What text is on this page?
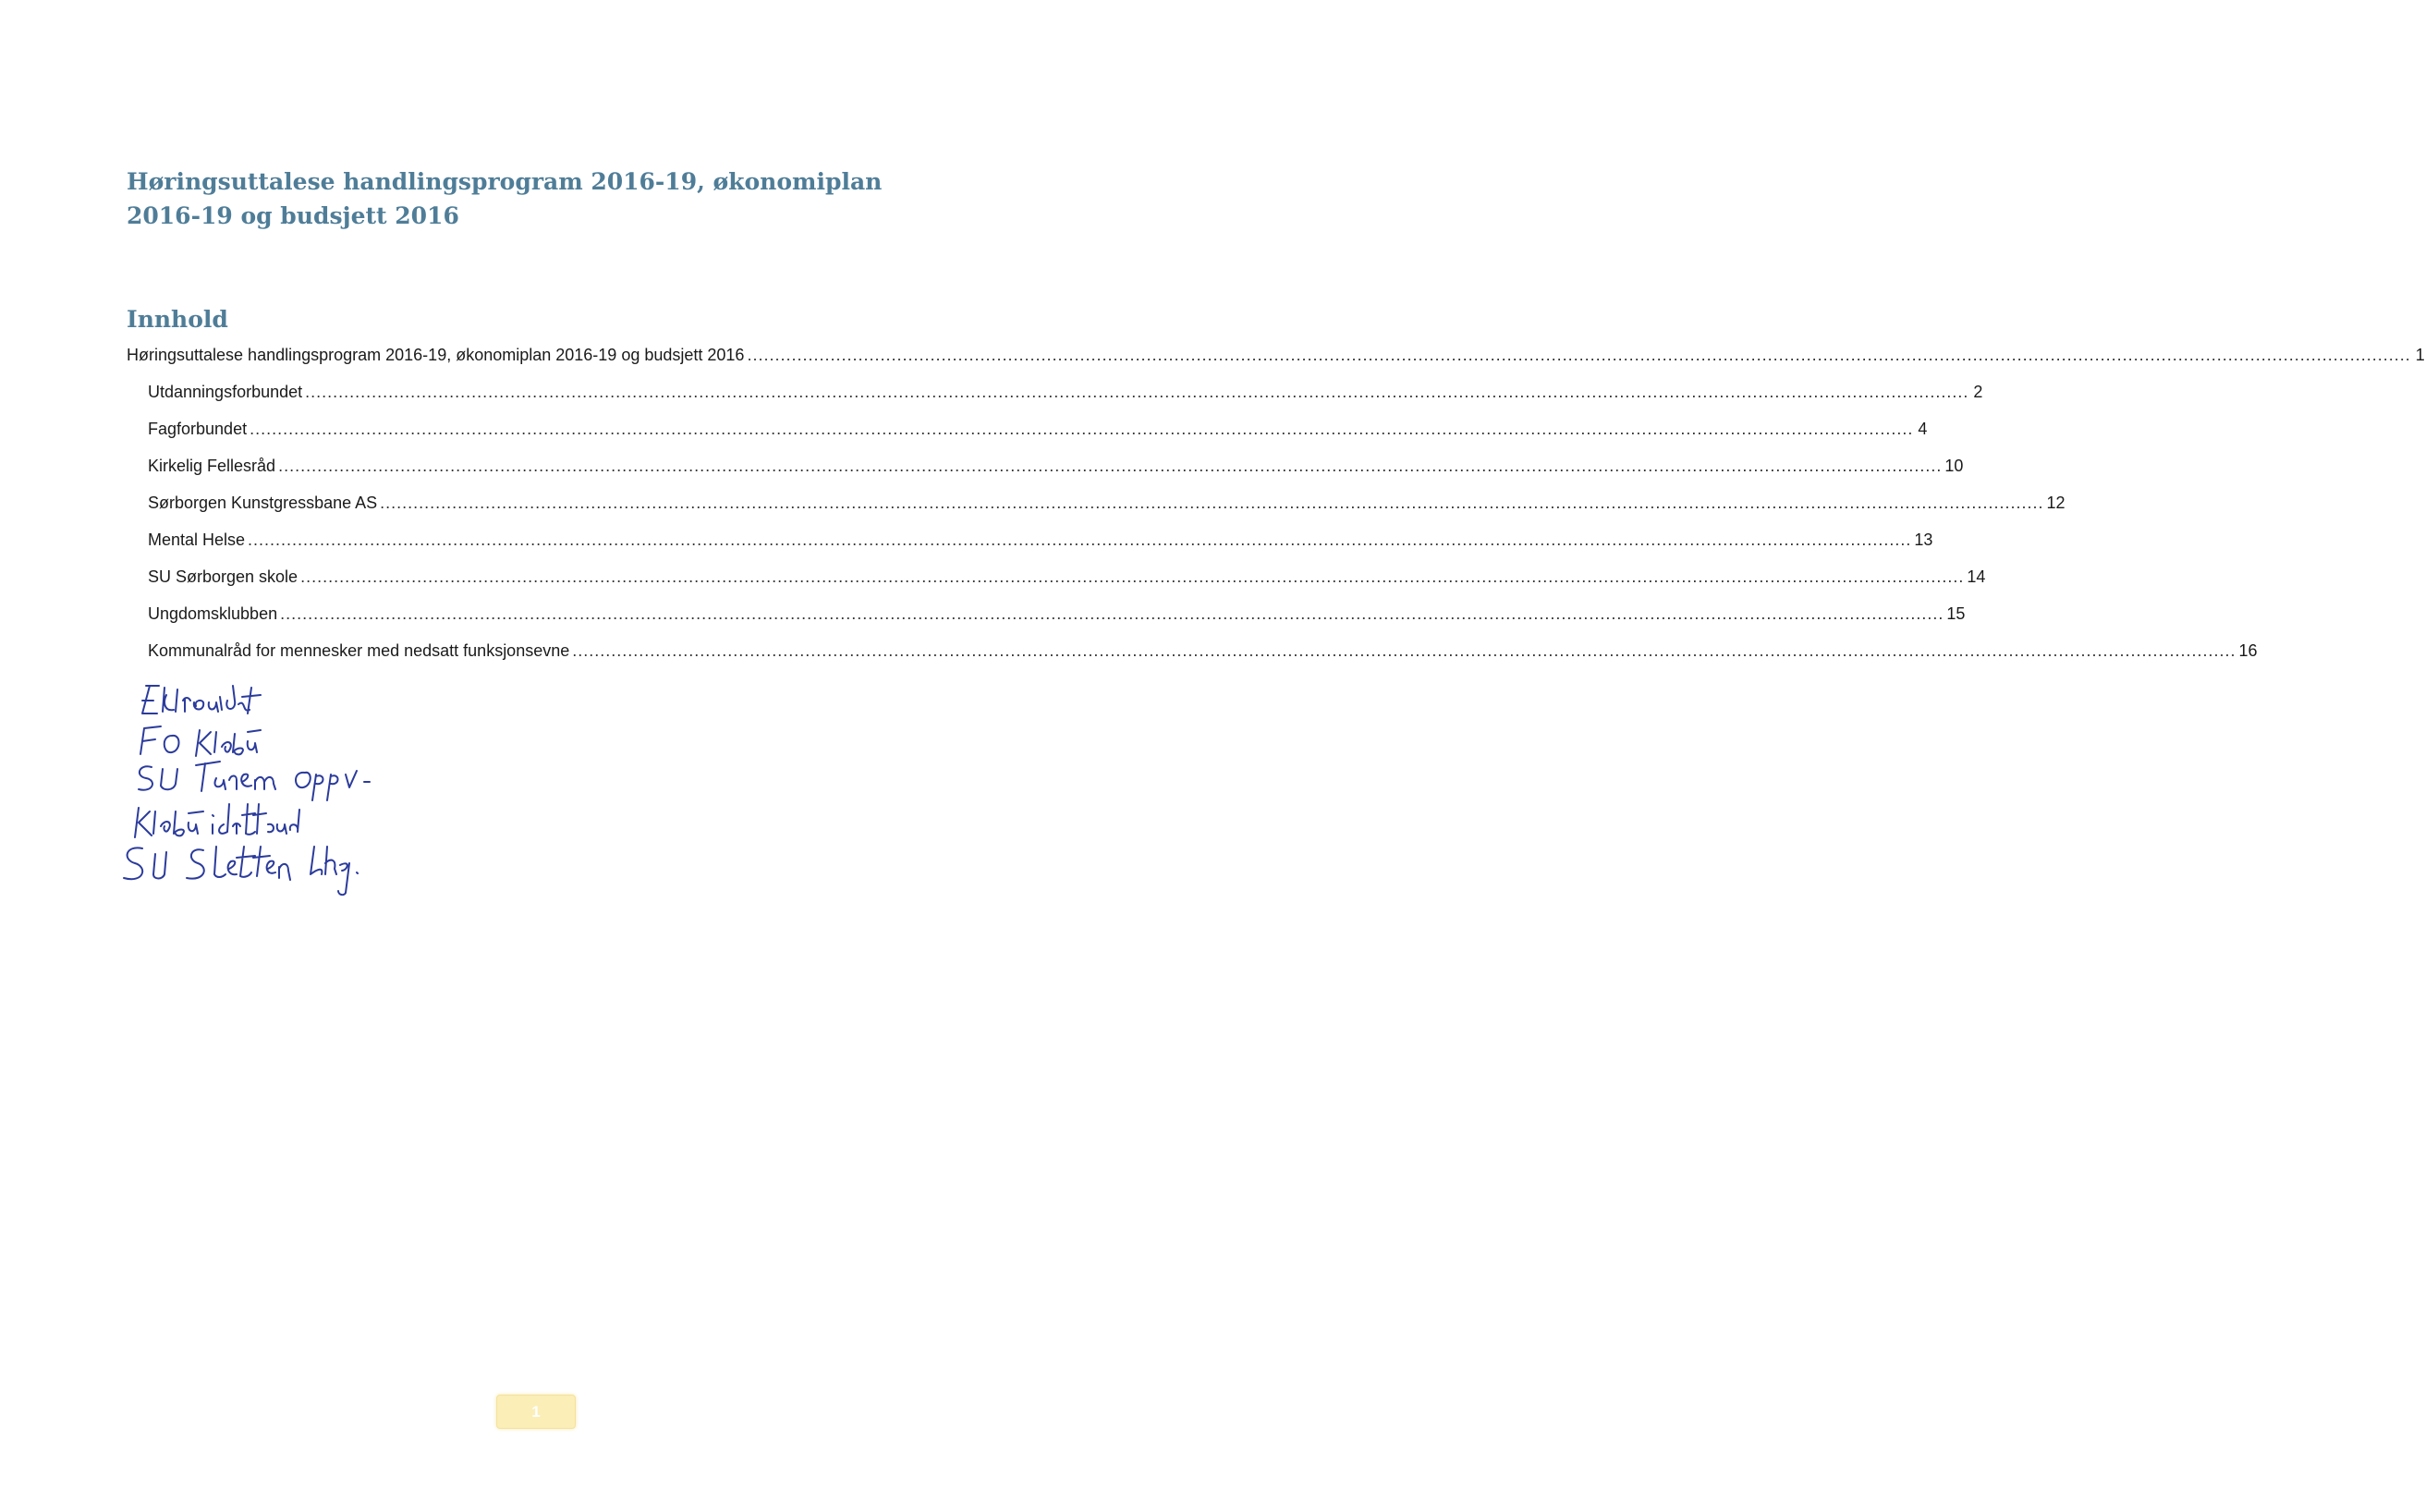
Høringsuttalese handlingsprogram 2016-19, økonomiplan 2016-19 og budsjett 2016
Innhold
Høringsuttalese handlingsprogram 2016-19, økonomiplan 2016-19 og budsjett 2016 ............................................................................................................................................................................................................................................................................................................ 1
Utdanningsforbundet ............................................................................................................................................................................................................................................................................................................ 2
Fagforbundet ............................................................................................................................................................................................................................................................................................................ 4
Kirkelig Fellesråd ............................................................................................................................................................................................................................................................................................................ 10
Sørborgen Kunstgressbane AS ............................................................................................................................................................................................................................................................................................................ 12
Mental Helse ............................................................................................................................................................................................................................................................................................................ 13
SU Sørborgen skole ............................................................................................................................................................................................................................................................................................................ 14
Ungdomsklubben ............................................................................................................................................................................................................................................................................................................ 15
Kommunalråd for mennesker med nedsatt funksjonsevne ............................................................................................................................................................................................................................................................................................................ 16
1
